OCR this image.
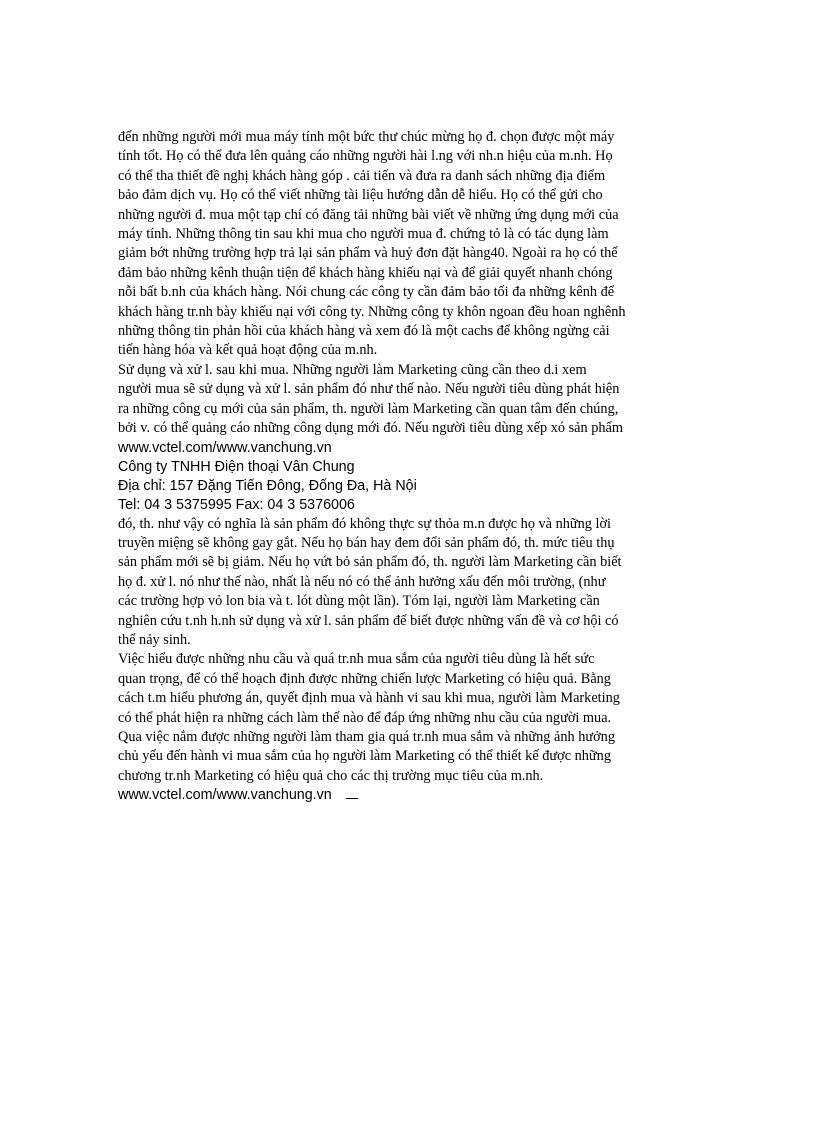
đến những người mới mua máy tính một bức thư chúc mừng họ đ. chọn được một máy
tính tốt. Họ có thể đưa lên quảng cáo những người hài l.ng với nh.n hiệu của m.nh. Họ
có thể tha thiết đề nghị khách hàng góp . cải tiến và đưa ra danh sách những địa điểm
bảo đảm dịch vụ. Họ có thể viết những tài liệu hướng dẫn dễ hiểu. Họ có thể gửi cho
những người đ. mua một tạp chí có đăng tải những bài viết về những ứng dụng mới của
máy tính. Những thông tin sau khi mua cho người mua đ. chứng tỏ là có tác dụng làm
giảm bớt những trường hợp trả lại sản phẩm và huỷ đơn đặt hàng40. Ngoài ra họ có thể
đảm bảo những kênh thuận tiện để khách hàng khiếu nại và để giải quyết nhanh chóng
nỗi bất b.nh của khách hàng. Nói chung các công ty cần đảm bảo tối đa những kênh để
khách hàng tr.nh bày khiếu nại với công ty. Những công ty khôn ngoan đều hoan nghênh
những thông tin phản hồi của khách hàng và xem đó là một cachs để không ngừng cải
tiến hàng hóa và kết quả hoạt động của m.nh.

Sử dụng và xử l. sau khi mua. Những người làm Marketing cũng cần theo d.i xem
người mua sẽ sử dụng và xử l. sản phẩm đó như thế nào. Nếu người tiêu dùng phát hiện
ra những công cụ mới của sản phẩm, th. người làm Marketing cần quan tâm đến chúng,
bởi v. có thể quảng cáo những công dụng mới đó. Nếu người tiêu dùng xếp xó sản phẩm

www.vctel.com/www.vanchung.vn
Công ty TNHH Điện thoại Vân Chung
Địa chỉ: 157 Đặng Tiến Đông, Đống Đa, Hà Nội
Tel: 04 3 5375995 Fax: 04 3 5376006

đó, th. như vậy có nghĩa là sản phẩm đó không thực sự thỏa m.n được họ và những lời
truyền miệng sẽ không gay gắt. Nếu họ bán hay đem đổi sản phẩm đó, th. mức tiêu thụ
sản phẩm mới sẽ bị giảm. Nếu họ vứt bỏ sản phẩm đó, th. người làm Marketing cần biết
họ đ. xử l. nó như thế nào, nhất là nếu nó có thể ảnh hưởng xấu đến môi trường, (như
các trường hợp vỏ lon bia và t. lót dùng một lần). Tóm lại, người làm Marketing cần
nghiên cứu t.nh h.nh sử dụng và xử l. sản phẩm để biết được những vấn đề và cơ hội có
thể nảy sinh.

Việc hiểu được những nhu cầu và quá tr.nh mua sắm của người tiêu dùng là hết sức
quan trọng, để có thể hoạch định được những chiến lược Marketing có hiệu quả. Bằng
cách t.m hiểu phương án, quyết định mua và hành vi sau khi mua, người làm Marketing
có thể phát hiện ra những cách làm thế nào để đáp ứng những nhu cầu của người mua.
Qua việc nắm được những người làm tham gia quá tr.nh mua sắm và những ảnh hưởng
chủ yếu đến hành vi mua sắm của họ người làm Marketing có thể thiết kế được những
chương tr.nh Marketing có hiệu quả cho các thị trường mục tiêu của m.nh.

www.vctel.com/www.vanchung.vn
